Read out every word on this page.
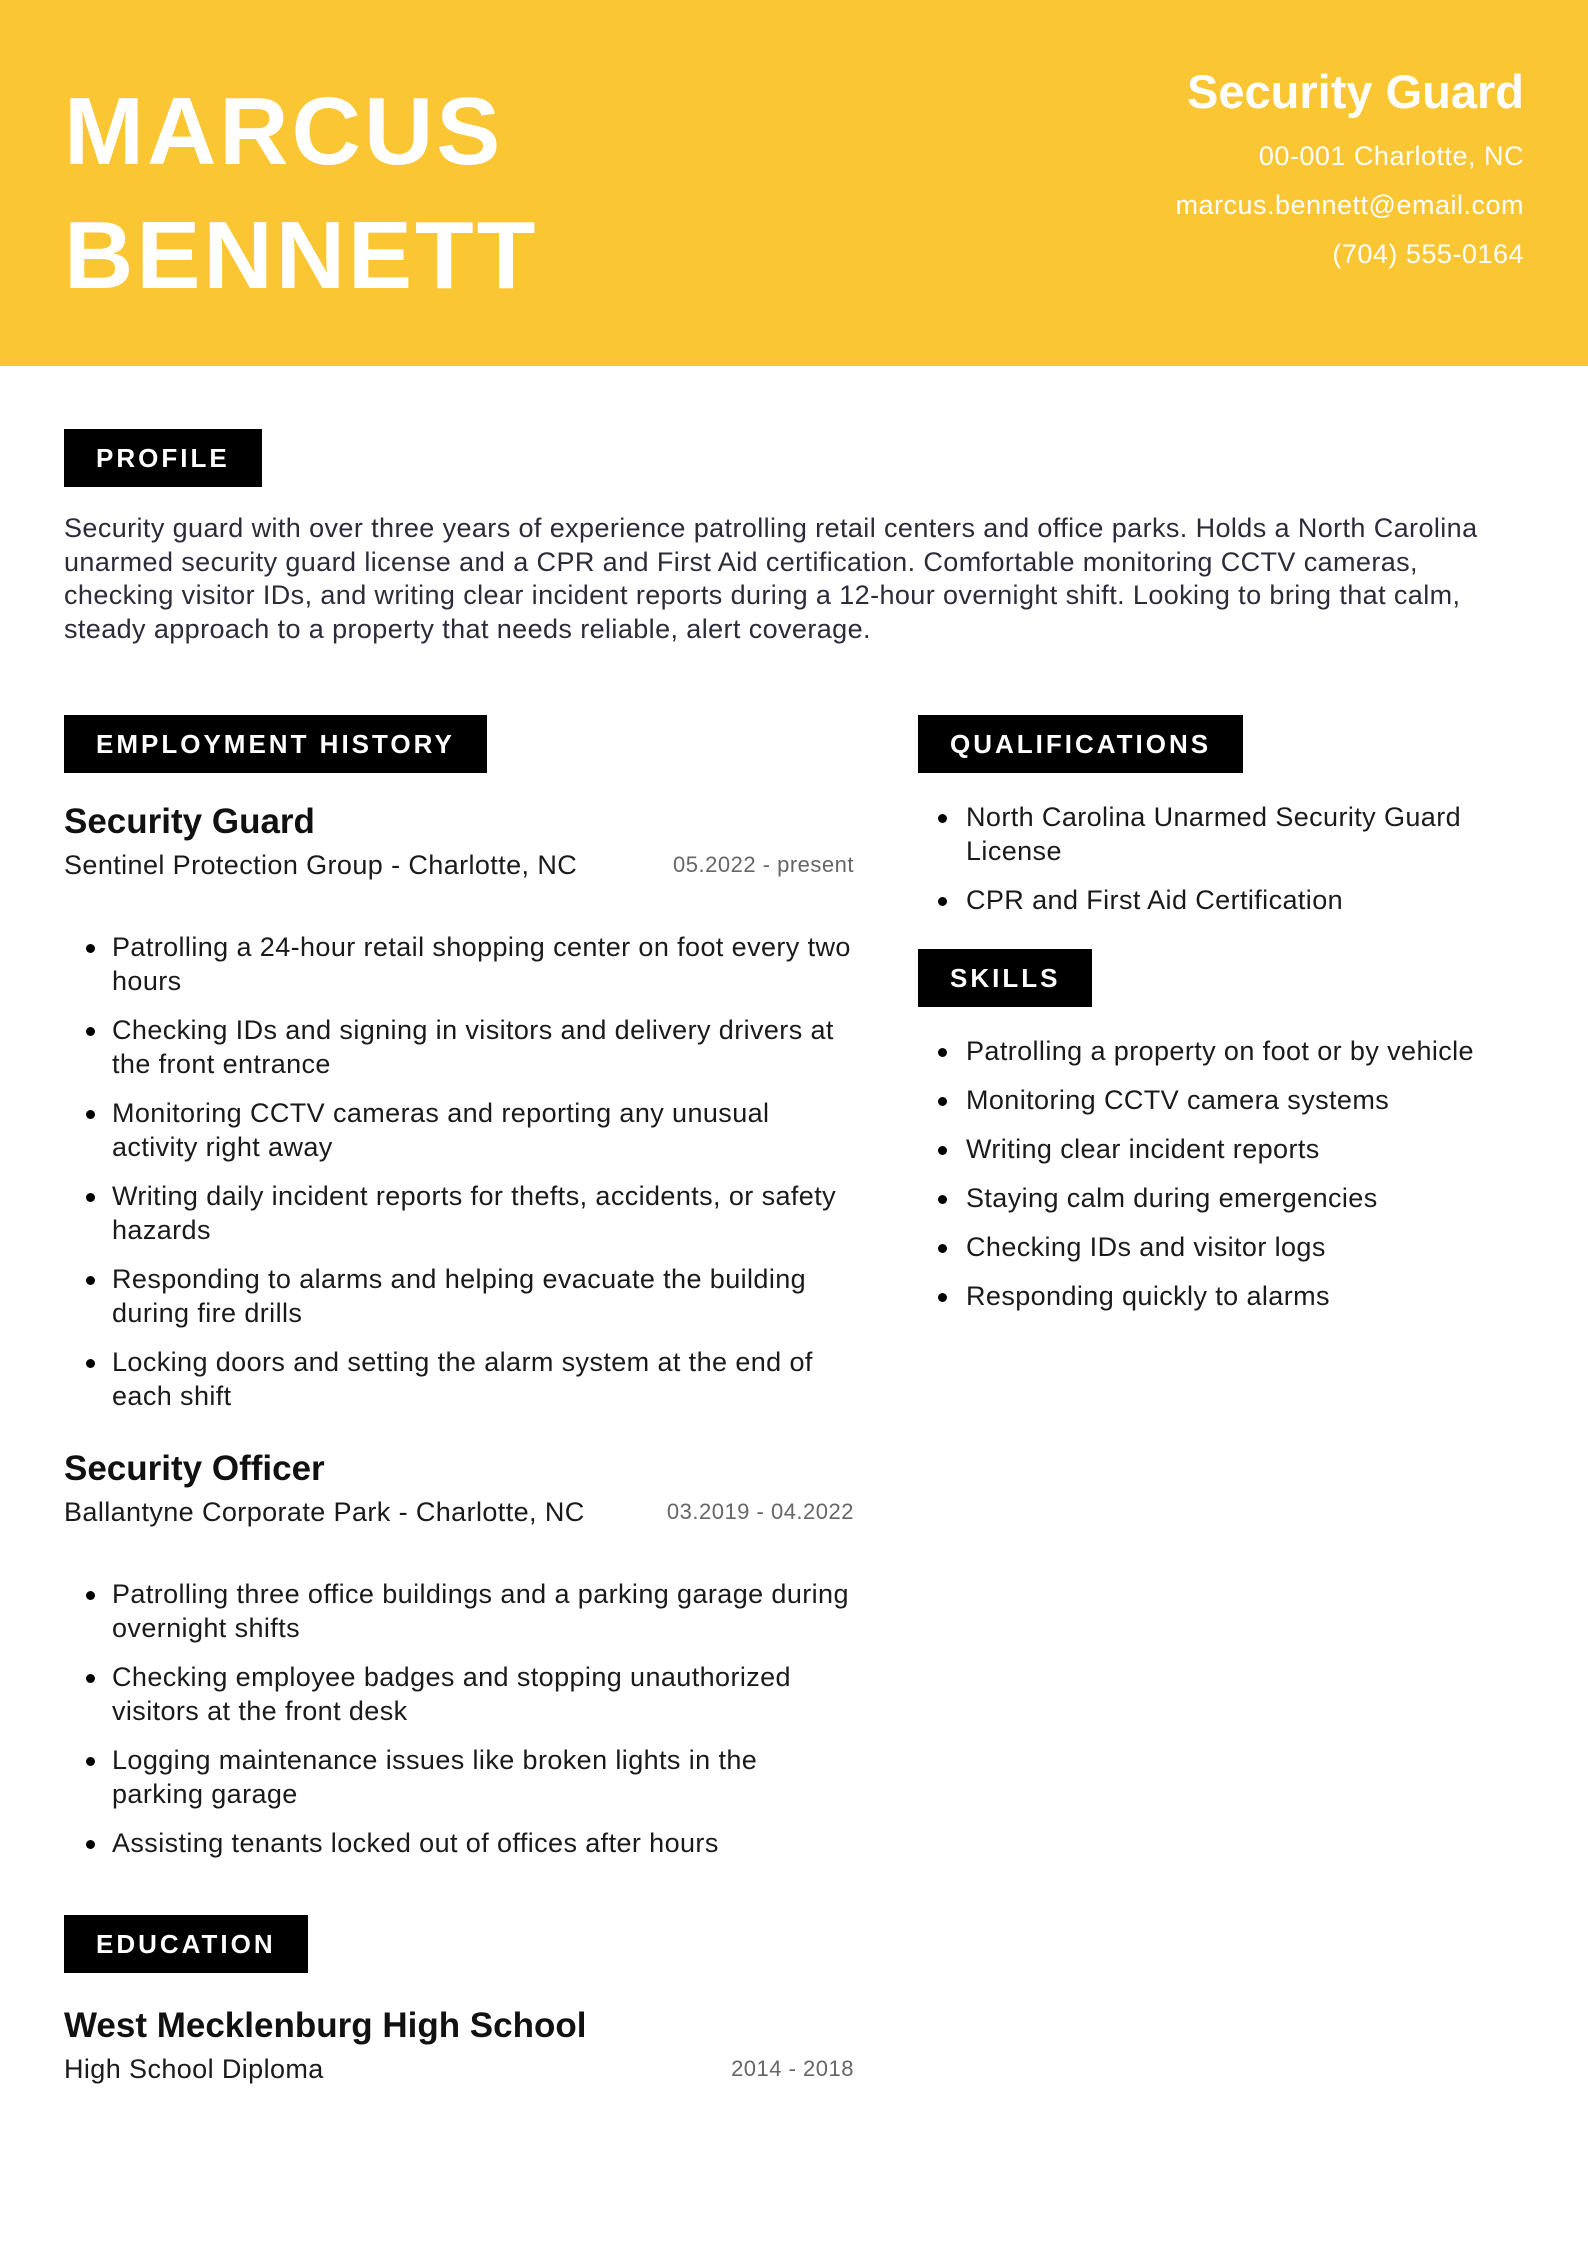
MARCUS
BENNETT
Security Guard
00-001 Charlotte, NC
marcus.bennett@email.com
(704) 555-0164
PROFILE
Security guard with over three years of experience patrolling retail centers and office parks. Holds a North Carolina unarmed security guard license and a CPR and First Aid certification. Comfortable monitoring CCTV cameras, checking visitor IDs, and writing clear incident reports during a 12-hour overnight shift. Looking to bring that calm, steady approach to a property that needs reliable, alert coverage.
EMPLOYMENT HISTORY
Security Guard
Sentinel Protection Group - Charlotte, NC	05.2022 - present
Patrolling a 24-hour retail shopping center on foot every two hours
Checking IDs and signing in visitors and delivery drivers at the front entrance
Monitoring CCTV cameras and reporting any unusual activity right away
Writing daily incident reports for thefts, accidents, or safety hazards
Responding to alarms and helping evacuate the building during fire drills
Locking doors and setting the alarm system at the end of each shift
Security Officer
Ballantyne Corporate Park - Charlotte, NC	03.2019 - 04.2022
Patrolling three office buildings and a parking garage during overnight shifts
Checking employee badges and stopping unauthorized visitors at the front desk
Logging maintenance issues like broken lights in the parking garage
Assisting tenants locked out of offices after hours
EDUCATION
West Mecklenburg High School
High School Diploma	2014 - 2018
QUALIFICATIONS
North Carolina Unarmed Security Guard License
CPR and First Aid Certification
SKILLS
Patrolling a property on foot or by vehicle
Monitoring CCTV camera systems
Writing clear incident reports
Staying calm during emergencies
Checking IDs and visitor logs
Responding quickly to alarms
